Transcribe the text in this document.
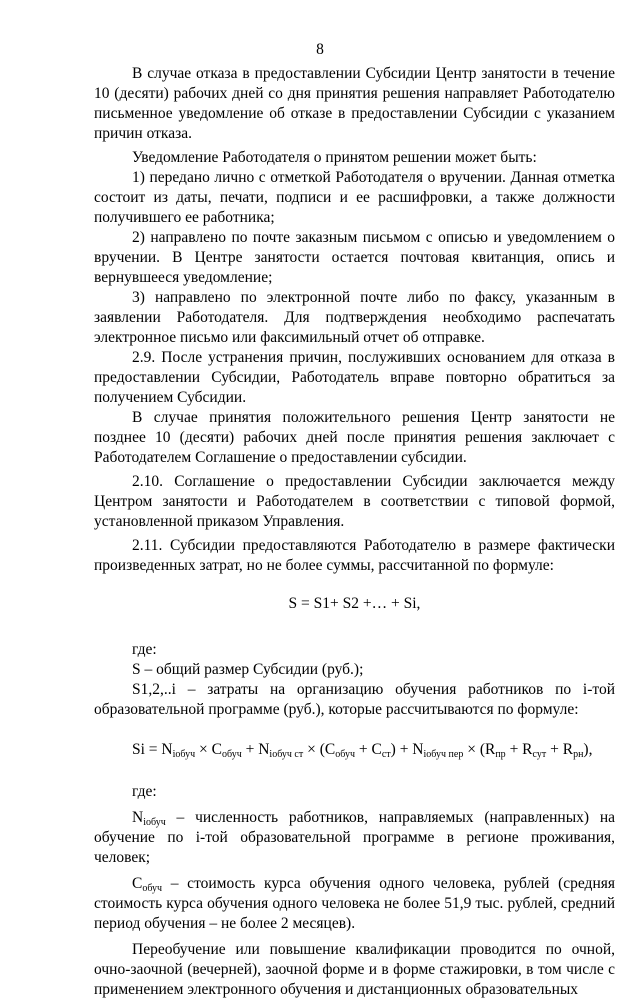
8

В случае отказа в предоставлении Субсидии Центр занятости в течение 10 (десяти) рабочих дней со дня принятия решения направляет Работодателю письменное уведомление об отказе в предоставлении Субсидии с указанием причин отказа.

Уведомление Работодателя о принятом решении может быть:

1) передано лично с отметкой Работодателя о вручении. Данная отметка состоит из даты, печати, подписи и ее расшифровки, а также должности получившего ее работника;

2) направлено по почте заказным письмом с описью и уведомлением о вручении. В Центре занятости остается почтовая квитанция, опись и вернувшееся уведомление;

3) направлено по электронной почте либо по факсу, указанным в заявлении Работодателя. Для подтверждения необходимо распечатать электронное письмо или факсимильный отчет об отправке.

2.9. После устранения причин, послуживших основанием для отказа в предоставлении Субсидии, Работодатель вправе повторно обратиться за получением Субсидии.

В случае принятия положительного решения Центр занятости не позднее 10 (десяти) рабочих дней после принятия решения заключает с Работодателем Соглашение о предоставлении субсидии.

2.10. Соглашение о предоставлении Субсидии заключается между Центром занятости и Работодателем в соответствии с типовой формой, установленной приказом Управления.

2.11. Субсидии предоставляются Работодателю в размере фактически произведенных затрат, но не более суммы, рассчитанной по формуле:

S = S1+ S2 +… + Si,

где:

S – общий размер Субсидии (руб.);

S1,2,..i – затраты на организацию обучения работников по i-той образовательной программе (руб.), которые рассчитываются по формуле:

$Si = N_{iобуч} \times C_{обуч} + N_{iобуч ст} \times (C_{обуч} + C_{ст}) + N_{iобуч пер} \times (R_{пр} + R_{сут} + R_{рн})$,

где:

$N_{iобуч}$ – численность работников, направляемых (направленных) на обучение по i-той образовательной программе в регионе проживания, человек;

$C_{обуч}$ – стоимость курса обучения одного человека, рублей (средняя стоимость курса обучения одного человека не более 51,9 тыс. рублей, средний период обучения – не более 2 месяцев).

Переобучение или повышение квалификации проводится по очной, очно-заочной (вечерней), заочной форме и в форме стажировки, в том числе с применением электронного обучения и дистанционных образовательных
